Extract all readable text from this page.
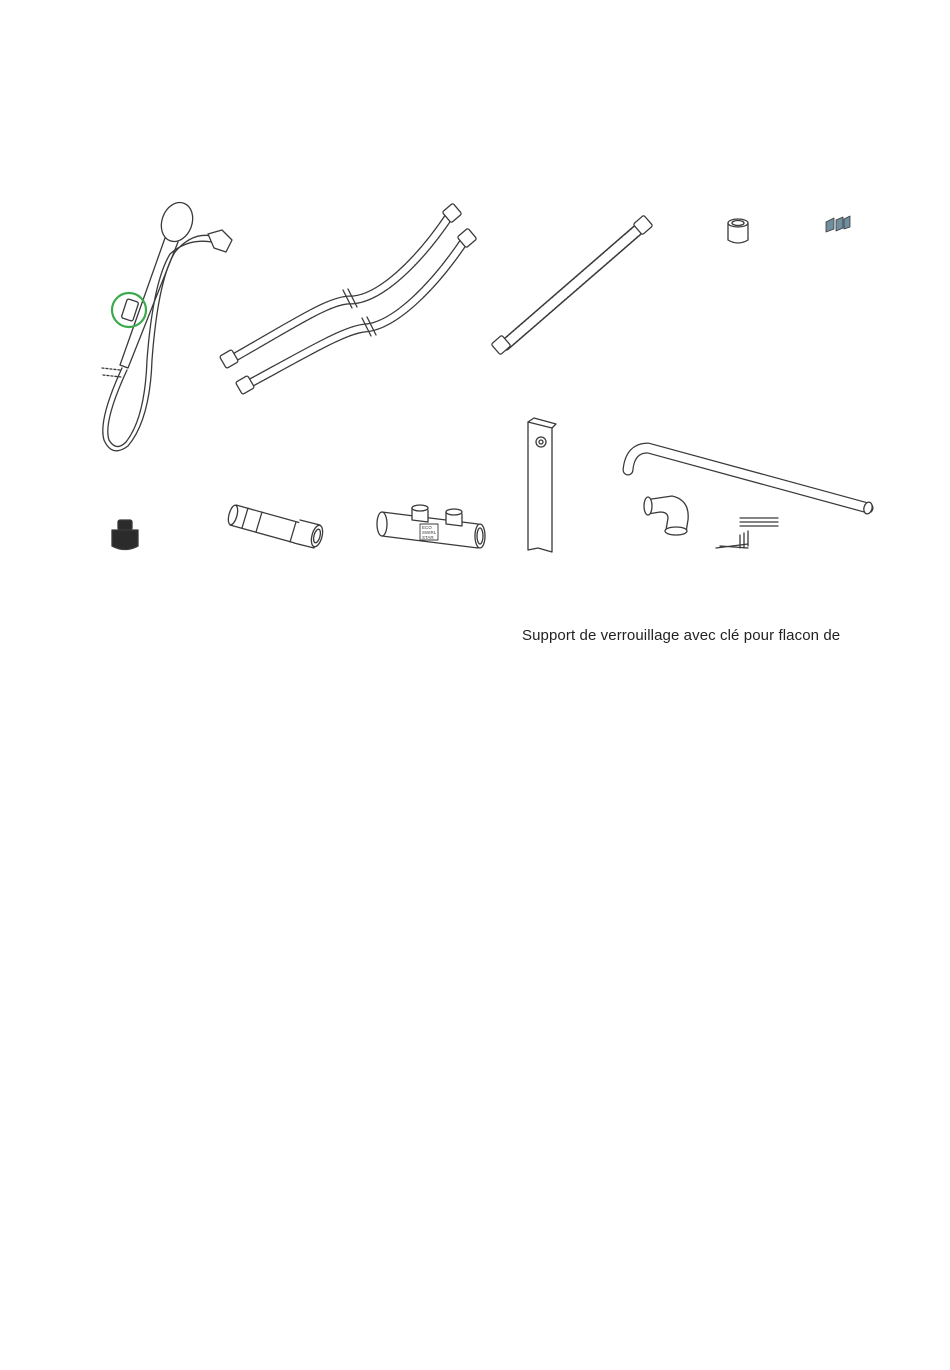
ECO
SWIRL
STAR
Support de verrouillage avec clé pour flacon de
